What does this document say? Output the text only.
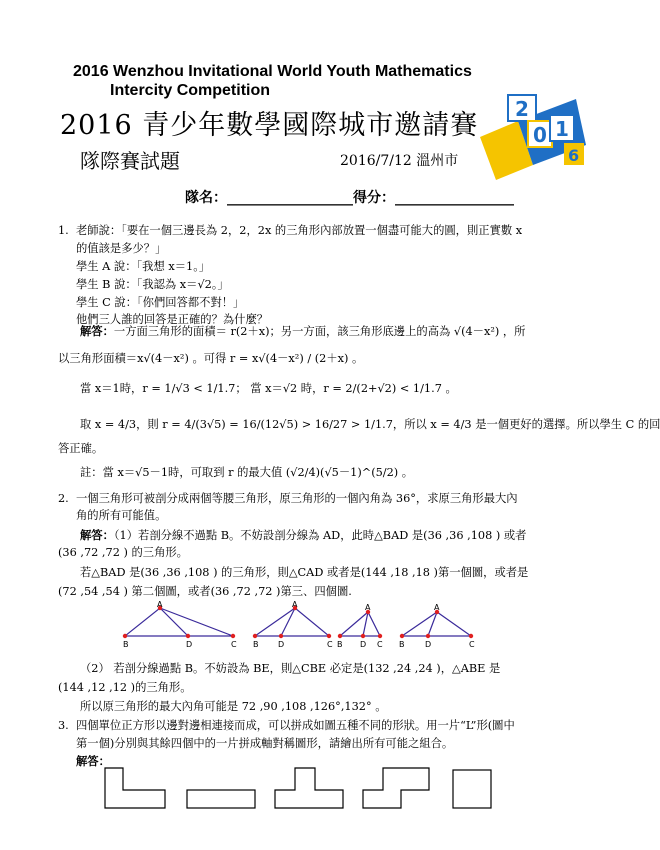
2016 Wenzhou Invitational World Youth Mathematics
Intercity Competition
2016 青少年數學國際城市邀請賽
隊際賽試題	2016/7/12 溫州市
2
0 1
6
隊名：__________________得分：_________________
1. 老師說：「要在一個三邊長為 2，2，2x 的三角形內部放置一個盡可能大的圓，則正實數 x
的值該是多少？」
學生 A 說：「我想 x＝1。」
學生 B 說：「我認為 x＝√2。」
學生 C 說：「你們回答都不對！」
他們三人誰的回答是正確的？為什麼？
解答：一方面三角形的面積＝ r(2＋x)；另一方面，該三角形底邊上的高為 √(4－x²) ，所
以三角形面積＝x√(4－x²) 。可得 r = x√(4－x²) / (2＋x) 。
當 x＝1時，r = 1/√3 < 1/1.7； 當 x＝√2 時，r = 2/(2+√2) < 1/1.7 。
取 x = 4/3，則 r = 4/(3√5) = 16/(12√5) > 16/27 > 1/1.7，所以 x = 4/3 是一個更好的選擇。所以學生 C 的回
答正確。
註：當 x＝√5－1時，可取到 r 的最大值 (√2/4)(√5－1)^(5/2) 。
2. 一個三角形可被剖分成兩個等腰三角形，原三角形的一個內角為 36°，求原三角形最大內
角的所有可能值。
解答：（1）若剖分線不過點 B。不妨設剖分線為 AD，此時△BAD 是(36 ,36 ,108 ) 或者
(36 ,72 ,72 ) 的三角形。
若△BAD 是(36 ,36 ,108 ) 的三角形，則△CAD 或者是(144 ,18 ,18 )第一個圖，或者是
(72 ,54 ,54 ) 第二個圖，或者(36 ,72 ,72 )第三、四個圖.
A
B	D	C
A
B D	C
A
B D C
A
B	D	C
（2） 若剖分線過點 B。不妨設為 BE，則△CBE 必定是(132 ,24 ,24 )，△ABE 是
(144 ,12 ,12 )的三角形。
所以原三角形的最大內角可能是 72 ,90 ,108 ,126°,132° 。
3. 四個單位正方形以邊對邊相連接而成，可以拼成如圖五種不同的形狀。用一片“L”形(圖中
第一個)分別與其餘四個中的一片拼成軸對稱圖形，請繪出所有可能之組合。
解答：
